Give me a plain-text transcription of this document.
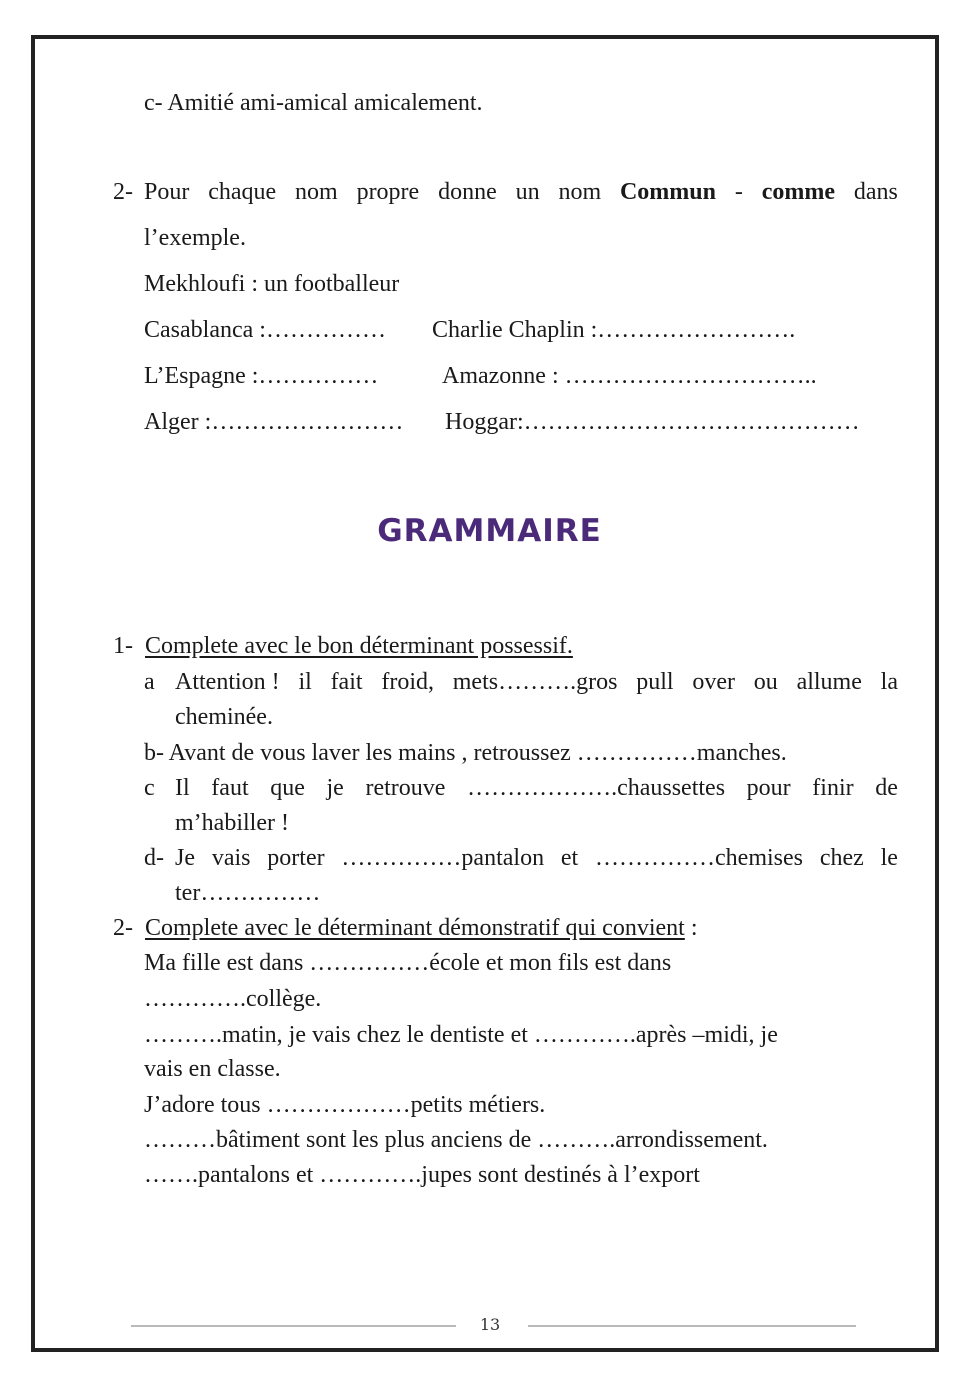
c- Amitié ami-amical amicalement.
2- Pour chaque nom propre donne un nom Commun - comme dans
l’exemple.
Mekhloufi : un footballeur
Casablanca :…………… Charlie Chaplin :…………………….
L’Espagne :……………	Amazonne : …………………………..
Alger :…………………… Hoggar:……………………………………
GRAMMAIRE
1- Complete avec le bon déterminant possessif.
a Attention ! il fait froid, mets……….gros pull over ou allume la
cheminée.
b- Avant de vous laver les mains , retroussez ……………manches.
c Il faut que je retrouve ……………….chaussettes pour finir de
m’habiller !
d- Je vais porter ……………pantalon et ……………chemises chez le
ter……………
2- Complete avec le déterminant démonstratif qui convient :
Ma fille est dans ……………école et mon fils est dans
………….collège.
……….matin, je vais chez le dentiste et ………….après –midi, je
vais en classe.
J’adore tous ………………petits métiers.
………bâtiment sont les plus anciens de ……….arrondissement.
…….pantalons et ………….jupes sont destinés à l’export
13
